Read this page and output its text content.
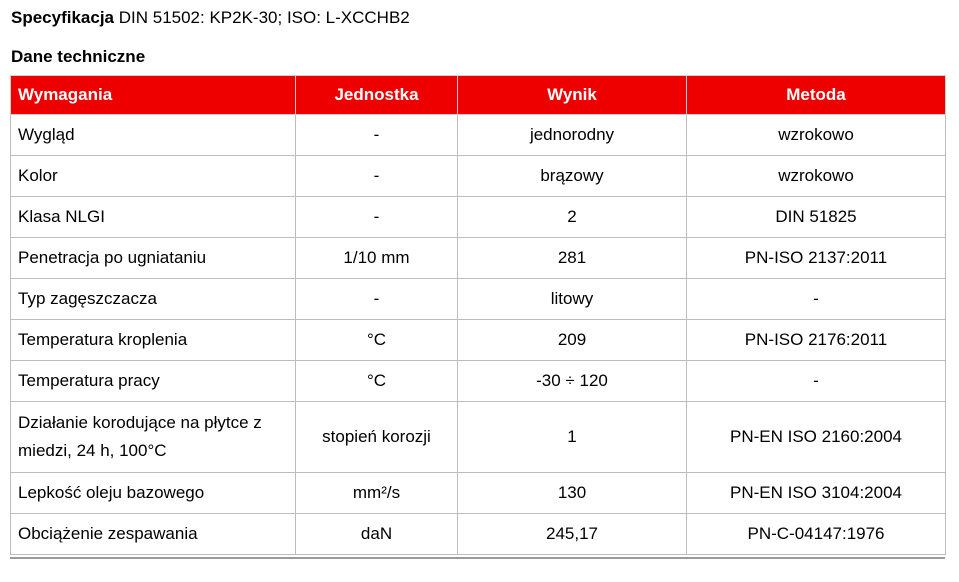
Specyfikacja DIN 51502: KP2K-30; ISO: L-XCCHB2
Dane techniczne
Wymagania	Jednostka	Wynik	Metoda
Wygląd	-	jednorodny	wzrokowo
Kolor	-	brązowy	wzrokowo
Klasa NLGI	-	2	DIN 51825
Penetracja po ugniataniu	1/10 mm	281	PN-ISO 2137:2011
Typ zagęszczacza	-	litowy	-
Temperatura kroplenia	°C	209	PN-ISO 2176:2011
Temperatura pracy	°C	-30 ÷ 120	-
Działanie korodujące na płytce z miedzi, 24 h, 100°C	stopień korozji	1	PN-EN ISO 2160:2004
Lepkość oleju bazowego	mm²/s	130	PN-EN ISO 3104:2004
Obciążenie zespawania	daN	245,17	PN-C-04147:1976
